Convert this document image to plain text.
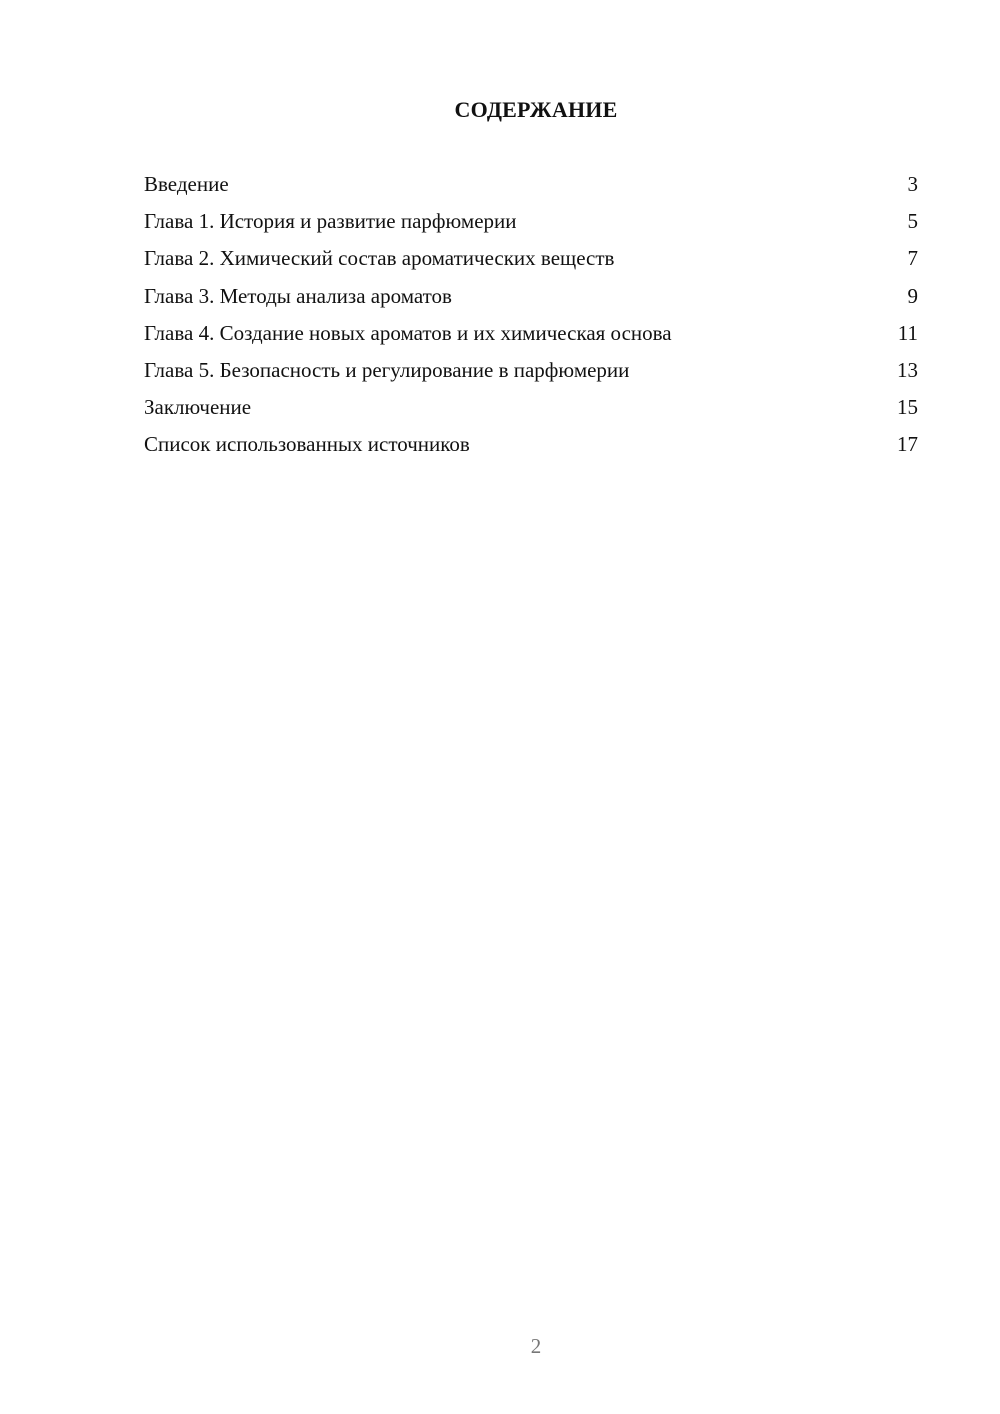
СОДЕРЖАНИЕ
Введение	3
Глава 1. История и развитие парфюмерии	5
Глава 2. Химический состав ароматических веществ	7
Глава 3. Методы анализа ароматов	9
Глава 4. Создание новых ароматов и их химическая основа	11
Глава 5. Безопасность и регулирование в парфюмерии	13
Заключение	15
Список использованных источников	17
2
